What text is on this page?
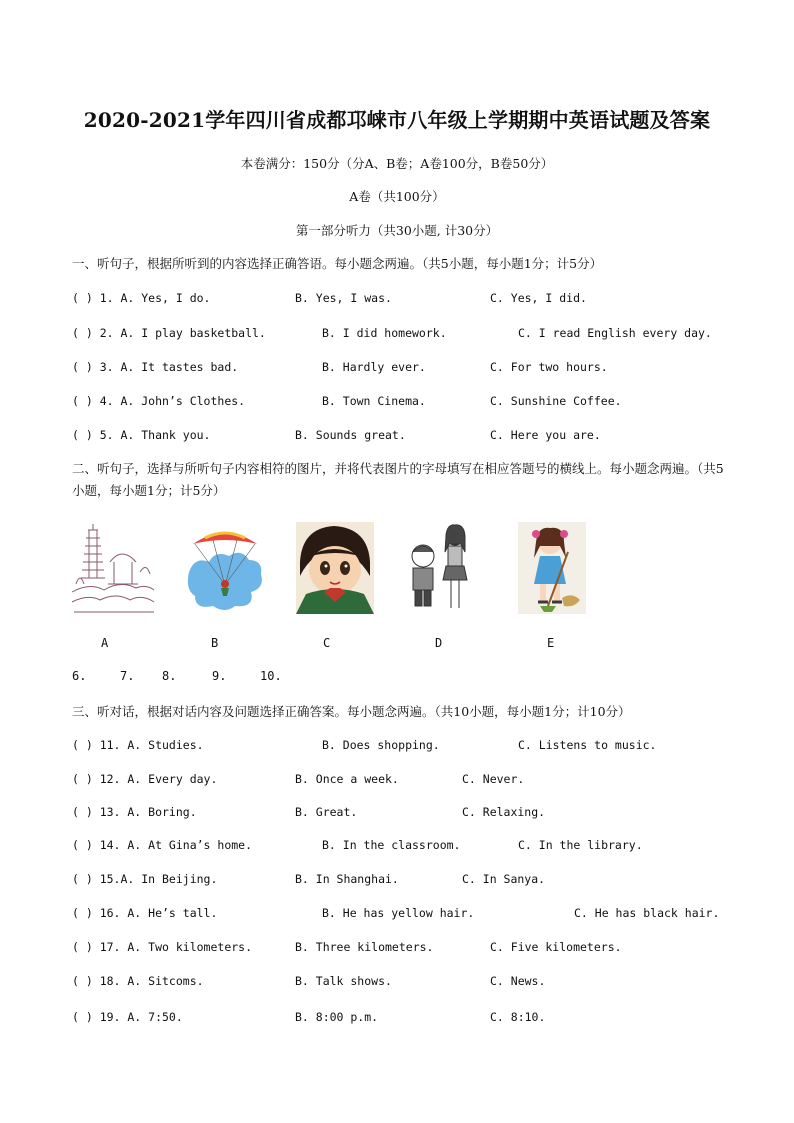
2020-2021学年四川省成都邛崃市八年级上学期期中英语试题及答案
本卷满分：150分（分A、B卷；A卷100分，B卷50分）
A卷（共100分）
第一部分听力（共30小题, 计30分）
一、听句子，根据所听到的内容选择正确答语。每小题念两遍。（共5小题，每小题1分；计5分）
( ) 1. A. Yes, I do.	B. Yes, I was.	C. Yes, I did.
( ) 2. A. I play basketball.	B. I did homework.	C. I read English every day.
( ) 3. A. It tastes bad.	B. Hardly ever.	C. For two hours.
( ) 4. A. John’s Clothes.	B. Town Cinema.	C. Sunshine Coffee.
( ) 5. A. Thank you.	B. Sounds great.	C. Here you are.
二、听句子，选择与所听句子内容相符的图片，并将代表图片的字母填写在相应答题号的横线上。每小题念两遍。（共5小题，每小题1分；计5分）
A	B	C	D	E
6.	7. 8.	9.	10.
三、听对话，根据对话内容及问题选择正确答案。每小题念两遍。（共10小题，每小题1分；计10分）
( ) 11. A. Studies.	B. Does shopping.	C. Listens to music.
( ) 12. A. Every day.	B. Once a week.	C. Never.
( ) 13. A. Boring.	B. Great.	C. Relaxing.
( ) 14. A. At Gina’s home.	B. In the classroom.	C. In the library.
( ) 15.A. In Beijing.	B. In Shanghai.	C. In Sanya.
( ) 16. A. He’s tall.	B. He has yellow hair.	C. He has black hair.
( ) 17. A. Two kilometers.	B. Three kilometers.	C. Five kilometers.
( ) 18. A. Sitcoms.	B. Talk shows.	C. News.
( ) 19. A. 7:50.	B. 8:00 p.m.	C. 8:10.
